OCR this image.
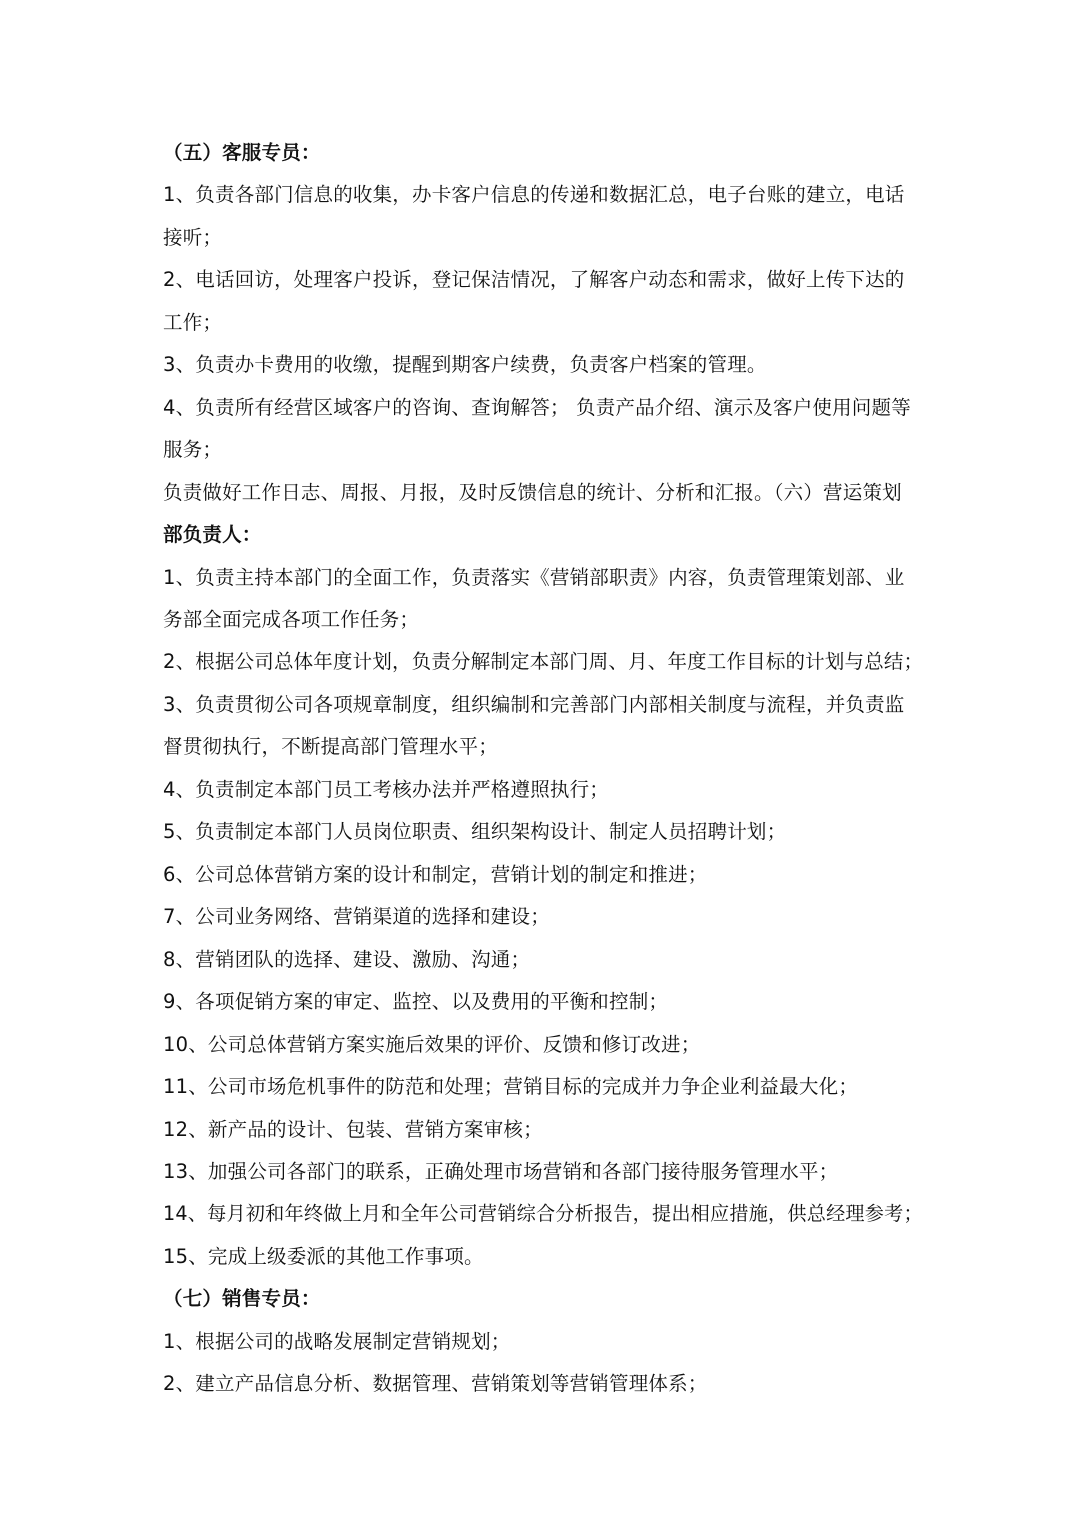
（五）客服专员：
1、负责各部门信息的收集，办卡客户信息的传递和数据汇总，电子台账的建立，电话
接听；
2、电话回访，处理客户投诉，登记保洁情况，了解客户动态和需求，做好上传下达的
工作；
3、负责办卡费用的收缴，提醒到期客户续费，负责客户档案的管理。
4、负责所有经营区域客户的咨询、查询解答； 负责产品介绍、演示及客户使用问题等
服务；
负责做好工作日志、周报、月报，及时反馈信息的统计、分析和汇报。（六）营运策划
部负责人：
1、负责主持本部门的全面工作，负责落实《营销部职责》内容，负责管理策划部、业
务部全面完成各项工作任务；
2、根据公司总体年度计划，负责分解制定本部门周、月、年度工作目标的计划与总结；
3、负责贯彻公司各项规章制度，组织编制和完善部门内部相关制度与流程，并负责监
督贯彻执行，不断提高部门管理水平；
4、负责制定本部门员工考核办法并严格遵照执行；
5、负责制定本部门人员岗位职责、组织架构设计、制定人员招聘计划；
6、公司总体营销方案的设计和制定，营销计划的制定和推进；
7、公司业务网络、营销渠道的选择和建设；
8、营销团队的选择、建设、激励、沟通；
9、各项促销方案的审定、监控、以及费用的平衡和控制；
10、公司总体营销方案实施后效果的评价、反馈和修订改进；
11、公司市场危机事件的防范和处理；营销目标的完成并力争企业利益最大化；
12、新产品的设计、包装、营销方案审核；
13、加强公司各部门的联系，正确处理市场营销和各部门接待服务管理水平；
14、每月初和年终做上月和全年公司营销综合分析报告，提出相应措施，供总经理参考；
15、完成上级委派的其他工作事项。
（七）销售专员：
1、根据公司的战略发展制定营销规划；
2、建立产品信息分析、数据管理、营销策划等营销管理体系；
